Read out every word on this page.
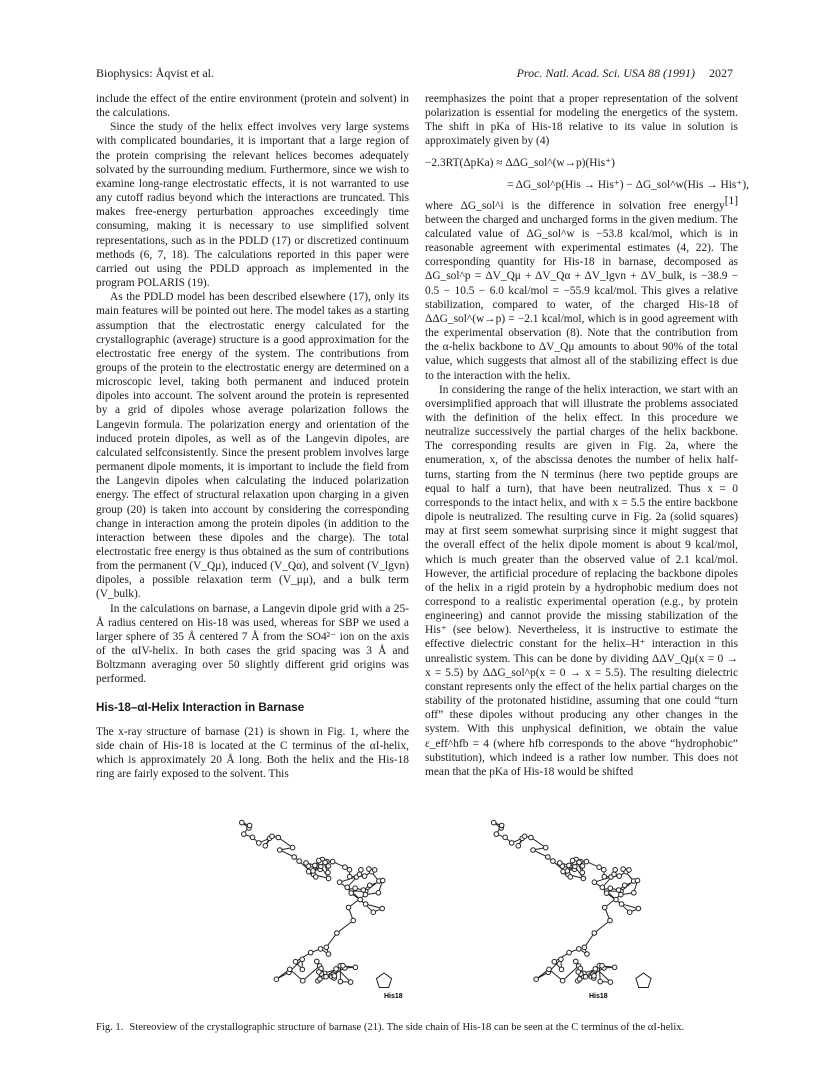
Biophysics: Åqvist et al.	Proc. Natl. Acad. Sci. USA 88 (1991) 2027

include the effect of the entire environment (protein and solvent) in the calculations.

Since the study of the helix effect involves very large systems with complicated boundaries, it is important that a large region of the protein comprising the relevant helices becomes adequately solvated by the surrounding medium. Furthermore, since we wish to examine long-range electrostatic effects, it is not warranted to use any cutoff radius beyond which the interactions are truncated. This makes free-energy perturbation approaches exceedingly time consuming, making it is necessary to use simplified solvent representations, such as in the PDLD (17) or discretized continuum methods (6, 7, 18). The calculations reported in this paper were carried out using the PDLD approach as implemented in the program POLARIS (19).

As the PDLD model has been described elsewhere (17), only its main features will be pointed out here. The model takes as a starting assumption that the electrostatic energy calculated for the crystallographic (average) structure is a good approximation for the electrostatic free energy of the system. The contributions from groups of the protein to the electrostatic energy are determined on a microscopic level, taking both permanent and induced protein dipoles into account. The solvent around the protein is represented by a grid of dipoles whose average polarization follows the Langevin formula. The polarization energy and orientation of the induced protein dipoles, as well as of the Langevin dipoles, are calculated selfconsistently. Since the present problem involves large permanent dipole moments, it is important to include the field from the Langevin dipoles when calculating the induced polarization energy. The effect of structural relaxation upon charging in a given group (20) is taken into account by considering the corresponding change in interaction among the protein dipoles (in addition to the interaction between these dipoles and the charge). The total electrostatic free energy is thus obtained as the sum of contributions from the permanent (V_Qμ), induced (V_Qα), and solvent (V_lgvn) dipoles, a possible relaxation term (V_μμ), and a bulk term (V_bulk).

In the calculations on barnase, a Langevin dipole grid with a 25-Å radius centered on His-18 was used, whereas for SBP we used a larger sphere of 35 Å centered 7 Å from the SO4²⁻ ion on the axis of the αIV-helix. In both cases the grid spacing was 3 Å and Boltzmann averaging over 50 slightly different grid origins was performed.

His-18–αI-Helix Interaction in Barnase

The x-ray structure of barnase (21) is shown in Fig. 1, where the side chain of His-18 is located at the C terminus of the αI-helix, which is approximately 20 Å long. Both the helix and the His-18 ring are fairly exposed to the solvent. This

reemphasizes the point that a proper representation of the solvent polarization is essential for modeling the energetics of the system. The shift in pKa of His-18 relative to its value in solution is approximately given by (4)

−2.3RT(ΔpKa) ≈ ΔΔG_sol^(w→p)(His⁺)
= ΔG_sol^p(His → His⁺) − ΔG_sol^w(His → His⁺),
[1]

where ΔG_sol^i is the difference in solvation free energy between the charged and uncharged forms in the given medium. The calculated value of ΔG_sol^w is −53.8 kcal/mol, which is in reasonable agreement with experimental estimates (4, 22). The corresponding quantity for His-18 in barnase, decomposed as ΔG_sol^p = ΔV_Qμ + ΔV_Qα + ΔV_lgvn + ΔV_bulk, is −38.9 − 0.5 − 10.5 − 6.0 kcal/mol = −55.9 kcal/mol. This gives a relative stabilization, compared to water, of the charged His-18 of ΔΔG_sol^(w→p) = −2.1 kcal/mol, which is in good agreement with the experimental observation (8). Note that the contribution from the α-helix backbone to ΔV_Qμ amounts to about 90% of the total value, which suggests that almost all of the stabilizing effect is due to the interaction with the helix.

In considering the range of the helix interaction, we start with an oversimplified approach that will illustrate the problems associated with the definition of the helix effect. In this procedure we neutralize successively the partial charges of the helix backbone. The corresponding results are given in Fig. 2a, where the enumeration, x, of the abscissa denotes the number of helix half-turns, starting from the N terminus (here two peptide groups are equal to half a turn), that have been neutralized. Thus x = 0 corresponds to the intact helix, and with x = 5.5 the entire backbone dipole is neutralized. The resulting curve in Fig. 2a (solid squares) may at first seem somewhat surprising since it might suggest that the overall effect of the helix dipole moment is about 9 kcal/mol, which is much greater than the observed value of 2.1 kcal/mol. However, the artificial procedure of replacing the backbone dipoles of the helix in a rigid protein by a hydrophobic medium does not correspond to a realistic experimental operation (e.g., by protein engineering) and cannot provide the missing stabilization of the His⁺ (see below). Nevertheless, it is instructive to estimate the effective dielectric constant for the helix–H⁺ interaction in this unrealistic system. This can be done by dividing ΔΔV_Qμ(x = 0 → x = 5.5) by ΔΔG_sol^p(x = 0 → x = 5.5). The resulting dielectric constant represents only the effect of the helix partial charges on the stability of the protonated histidine, assuming that one could “turn off” these dipoles without producing any other changes in the system. With this unphysical definition, we obtain the value ε_eff^hfb = 4 (where hfb corresponds to the above “hydrophobic” substitution), which indeed is a rather low number. This does not mean that the pKa of His-18 would be shifted

His18	His18
Fig. 1. Stereoview of the crystallographic structure of barnase (21). The side chain of His-18 can be seen at the C terminus of the αI-helix.
